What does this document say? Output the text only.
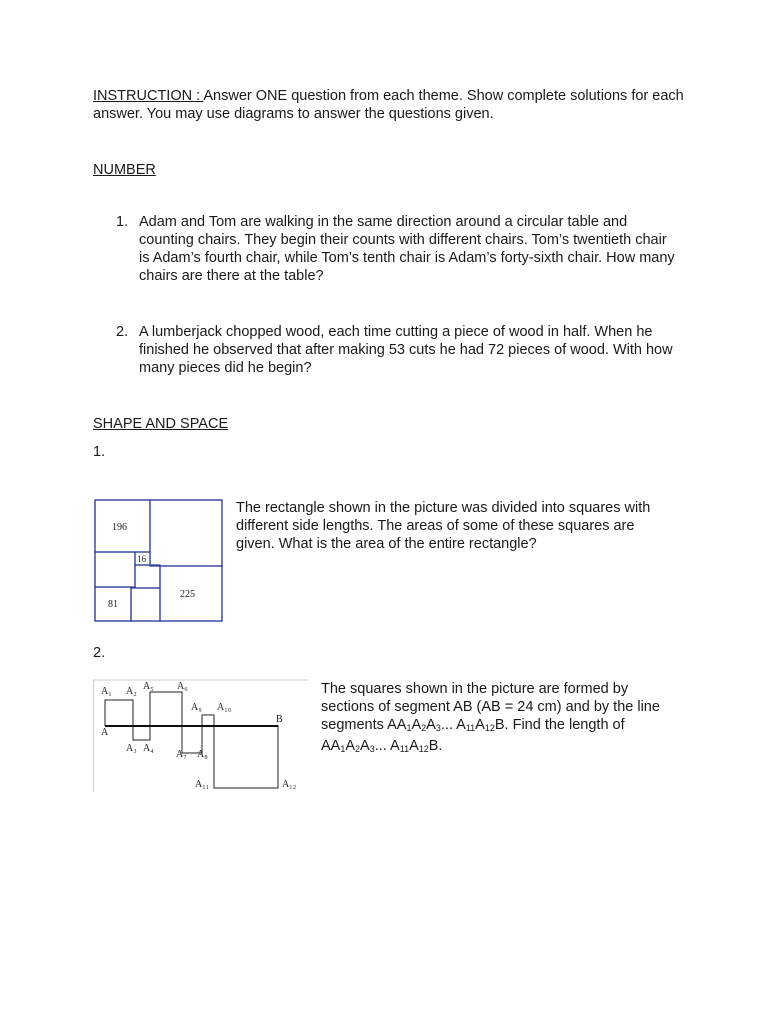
INSTRUCTION : Answer ONE question from each theme. Show complete solutions for each answer. You may use diagrams to answer the questions given.
NUMBER
1. Adam and Tom are walking in the same direction around a circular table and counting chairs. They begin their counts with different chairs. Tom’s twentieth chair is Adam’s fourth chair, while Tom’s tenth chair is Adam’s forty-sixth chair. How many chairs are there at the table?
2. A lumberjack chopped wood, each time cutting a piece of wood in half. When he finished he observed that after making 53 cuts he had 72 pieces of wood. With how many pieces did he begin?
SHAPE AND SPACE
1.
196
16
81
225
The rectangle shown in the picture was divided into squares with different side lengths. The areas of some of these squares are given. What is the area of the entire rectangle?
2.
A₁ A₂ A₅ A₆
A₉ A₁₀
B
A
A₃ A₄
A₇ A₈
A₁₁	A₁₂
The squares shown in the picture are formed by sections of segment AB (AB = 24 cm) and by the line segments $AA_1A_2A_3$... $A_{11}A_{12}B$. Find the length of $AA_1A_2A_3$... $A_{11}A_{12}B$.
